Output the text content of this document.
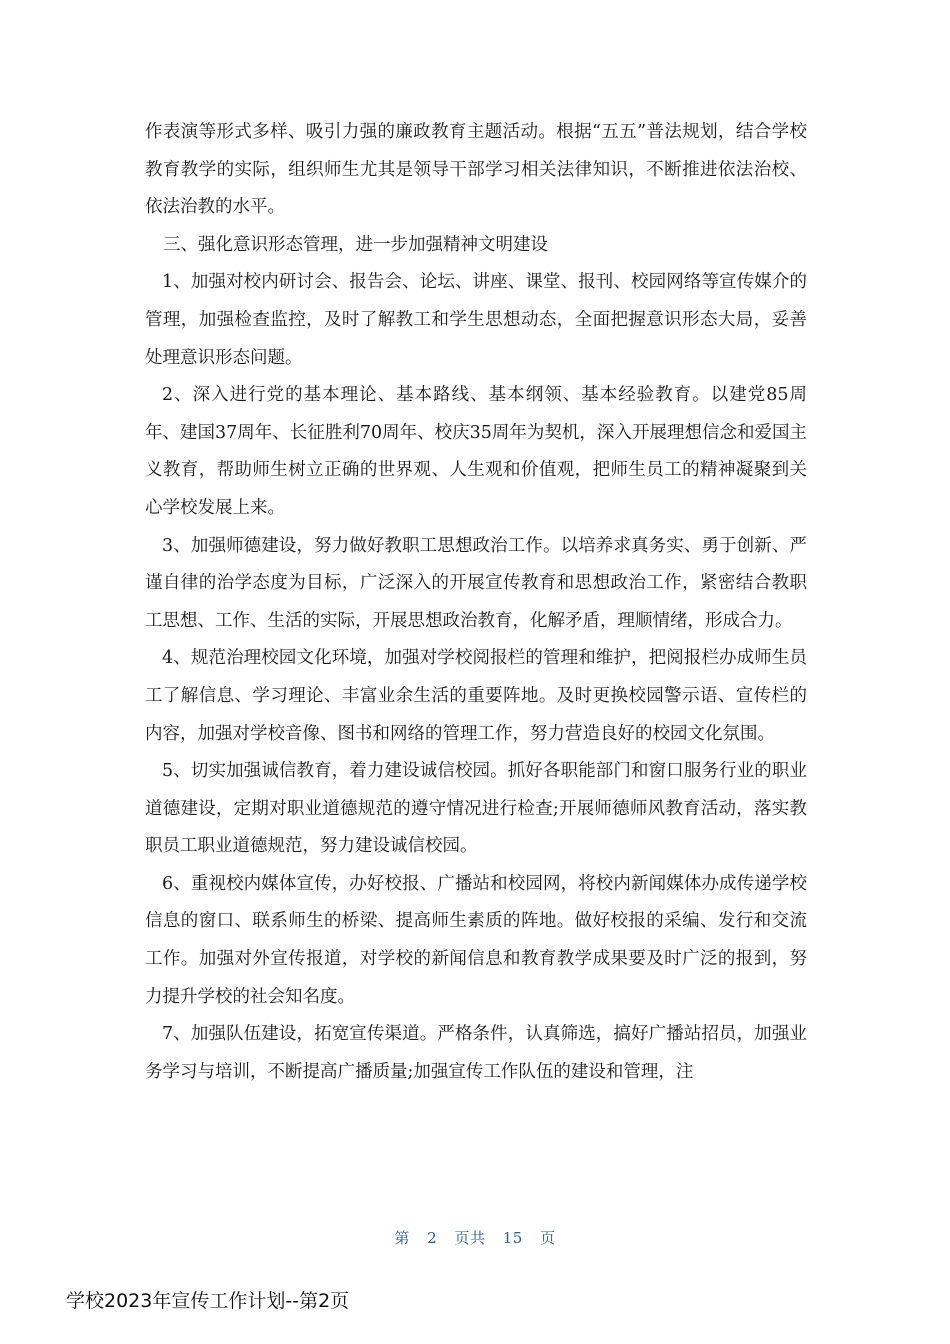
作表演等形式多样、吸引力强的廉政教育主题活动。根据“五五”普法规划，结合学校教育教学的实际，组织师生尤其是领导干部学习相关法律知识，不断推进依法治校、依法治教的水平。

三、强化意识形态管理，进一步加强精神文明建设

1、加强对校内研讨会、报告会、论坛、讲座、课堂、报刊、校园网络等宣传媒介的管理，加强检查监控，及时了解教工和学生思想动态，全面把握意识形态大局，妥善处理意识形态问题。

2、深入进行党的基本理论、基本路线、基本纲领、基本经验教育。以建党85周年、建国37周年、长征胜利70周年、校庆35周年为契机，深入开展理想信念和爱国主义教育，帮助师生树立正确的世界观、人生观和价值观，把师生员工的精神凝聚到关心学校发展上来。

3、加强师德建设，努力做好教职工思想政治工作。以培养求真务实、勇于创新、严谨自律的治学态度为目标，广泛深入的开展宣传教育和思想政治工作，紧密结合教职工思想、工作、生活的实际，开展思想政治教育，化解矛盾，理顺情绪，形成合力。

4、规范治理校园文化环境，加强对学校阅报栏的管理和维护，把阅报栏办成师生员工了解信息、学习理论、丰富业余生活的重要阵地。及时更换校园警示语、宣传栏的内容，加强对学校音像、图书和网络的管理工作，努力营造良好的校园文化氛围。

5、切实加强诚信教育，着力建设诚信校园。抓好各职能部门和窗口服务行业的职业道德建设，定期对职业道德规范的遵守情况进行检查;开展师德师风教育活动，落实教职员工职业道德规范，努力建设诚信校园。

6、重视校内媒体宣传，办好校报、广播站和校园网，将校内新闻媒体办成传递学校信息的窗口、联系师生的桥梁、提高师生素质的阵地。做好校报的采编、发行和交流工作。加强对外宣传报道，对学校的新闻信息和教育教学成果要及时广泛的报到，努力提升学校的社会知名度。

7、加强队伍建设，拓宽宣传渠道。严格条件，认真筛选，搞好广播站招员，加强业务学习与培训，不断提高广播质量;加强宣传工作队伍的建设和管理，注

第 2 页共 15 页
学校2023年宣传工作计划--第2页
